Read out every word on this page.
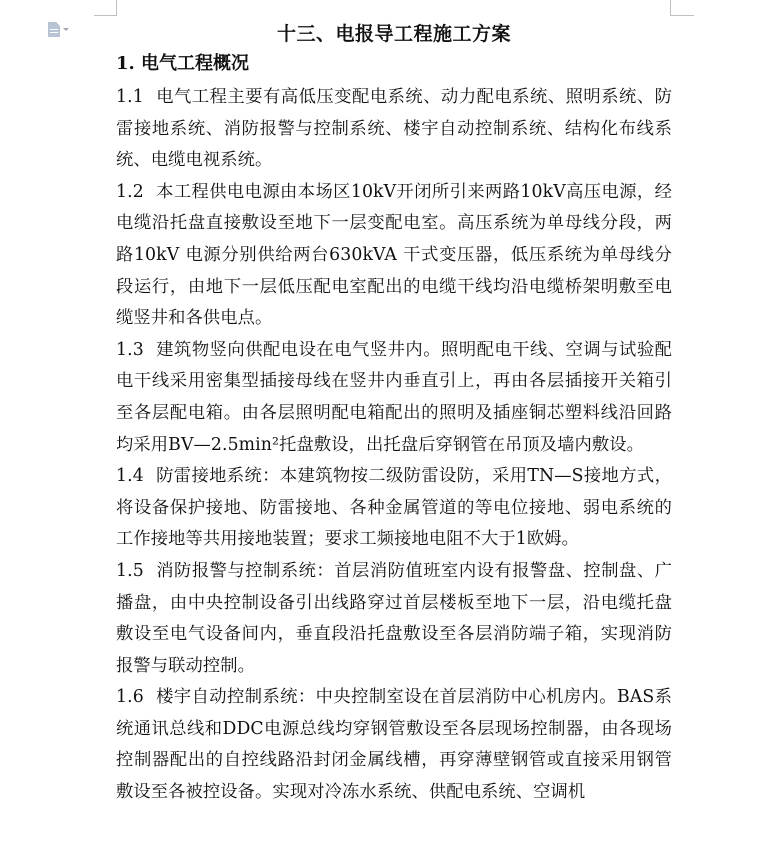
十三、电报导工程施工方案
1. 电气工程概况

1.1 电气工程主要有高低压变配电系统、动力配电系统、照明系统、防雷接地系统、消防报警与控制系统、楼宇自动控制系统、结构化布线系统、电缆电视系统。

1.2 本工程供电电源由本场区10kV开闭所引来两路10kV高压电源，经电缆沿托盘直接敷设至地下一层变配电室。高压系统为单母线分段，两路10kV 电源分别供给两台630kVA 干式变压器，低压系统为单母线分段运行，由地下一层低压配电室配出的电缆干线均沿电缆桥架明敷至电缆竖井和各供电点。

1.3 建筑物竖向供配电设在电气竖井内。照明配电干线、空调与试验配电干线采用密集型插接母线在竖井内垂直引上，再由各层插接开关箱引至各层配电箱。由各层照明配电箱配出的照明及插座铜芯塑料线沿回路均采用BV—2.5min²托盘敷设，出托盘后穿钢管在吊顶及墙内敷设。

1.4 防雷接地系统：本建筑物按二级防雷设防，采用TN—S接地方式，将设备保护接地、防雷接地、各种金属管道的等电位接地、弱电系统的工作接地等共用接地装置；要求工频接地电阻不大于1欧姆。

1.5 消防报警与控制系统：首层消防值班室内设有报警盘、控制盘、广播盘，由中央控制设备引出线路穿过首层楼板至地下一层，沿电缆托盘敷设至电气设备间内，垂直段沿托盘敷设至各层消防端子箱，实现消防报警与联动控制。

1.6 楼宇自动控制系统：中央控制室设在首层消防中心机房内。BAS系统通讯总线和DDC电源总线均穿钢管敷设至各层现场控制器，由各现场控制器配出的自控线路沿封闭金属线槽，再穿薄壁钢管或直接采用钢管敷设至各被控设备。实现对冷冻水系统、供配电系统、空调机
